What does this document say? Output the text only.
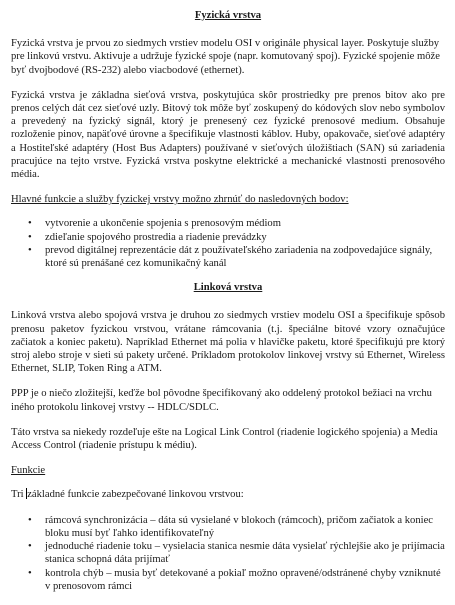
Fyzická vrstva

Fyzická vrstva je prvou zo siedmych vrstiev modelu OSI v originále physical layer. Poskytuje služby pre linkovú vrstvu. Aktivuje a udržuje fyzické spoje (napr. komutovaný spoj). Fyzické spojenie môže byť dvojbodové (RS-232) alebo viacbodové (ethernet).

Fyzická vrstva je základna sieťová vrstva, poskytujúca skôr prostriedky pre prenos bitov ako pre prenos celých dát cez sieťové uzly. Bitový tok môže byť zoskupený do kódových slov nebo symbolov a prevedený na fyzický signál, ktorý je prenesený cez fyzické prenosové medium. Obsahuje rozloženie pinov, napäťové úrovne a špecifikuje vlastnosti káblov. Huby, opakovače, sieťové adaptéry a Hostiteľské adaptéry (Host Bus Adapters) používané v sieťových úložištiach (SAN) sú zariadenia pracujúce na tejto vrstve. Fyzická vrstva poskytne elektrické a mechanické vlastnosti prenosového média.

Hlavné funkcie a služby fyzickej vrstvy možno zhrnúť do nasledovných bodov:
• vytvorenie a ukončenie spojenia s prenosovým médiom
• zdieľanie spojového prostredia a riadenie prevádzky
• prevod digitálnej reprezentácie dát z používateľského zariadenia na zodpovedajúce signály, ktoré sú prenášané cez komunikačný kanál
Linková vrstva

Linková vrstva alebo spojová vrstva je druhou zo siedmych vrstiev modelu OSI a špecifikuje spôsob prenosu paketov fyzickou vrstvou, vrátane rámcovania (t.j. špeciálne bitové vzory označujúce začiatok a koniec paketu). Napríklad Ethernet má polia v hlavičke paketu, ktoré špecifikujú pre ktorý stroj alebo stroje v sieti sú pakety určené. Príkladom protokolov linkovej vrstvy sú Ethernet, Wireless Ethernet, SLIP, Token Ring a ATM.

PPP je o niečo zložitejší, keďže bol pôvodne špecifikovaný ako oddelený protokol bežiaci na vrchu iného protokolu linkovej vrstvy -- HDLC/SDLC.

Táto vrstva sa niekedy rozdeľuje ešte na Logical Link Control (riadenie logického spojenia) a Media Access Control (riadenie prístupu k médiu).

Funkcie

Tri základné funkcie zabezpečované linkovou vrstvou:

• rámcová synchronizácia – dáta sú vysielané v blokoch (rámcoch), pričom začiatok a koniec bloku musí byť ľahko identifikovateľný
• jednoduché riadenie toku – vysielacia stanica nesmie dáta vysielať rýchlejšie ako je prijímacia stanica schopná dáta prijímať
• kontrola chýb – musia byť detekované a pokiaľ možno opravené/odstránené chyby vzniknuté v prenosovom rámci
